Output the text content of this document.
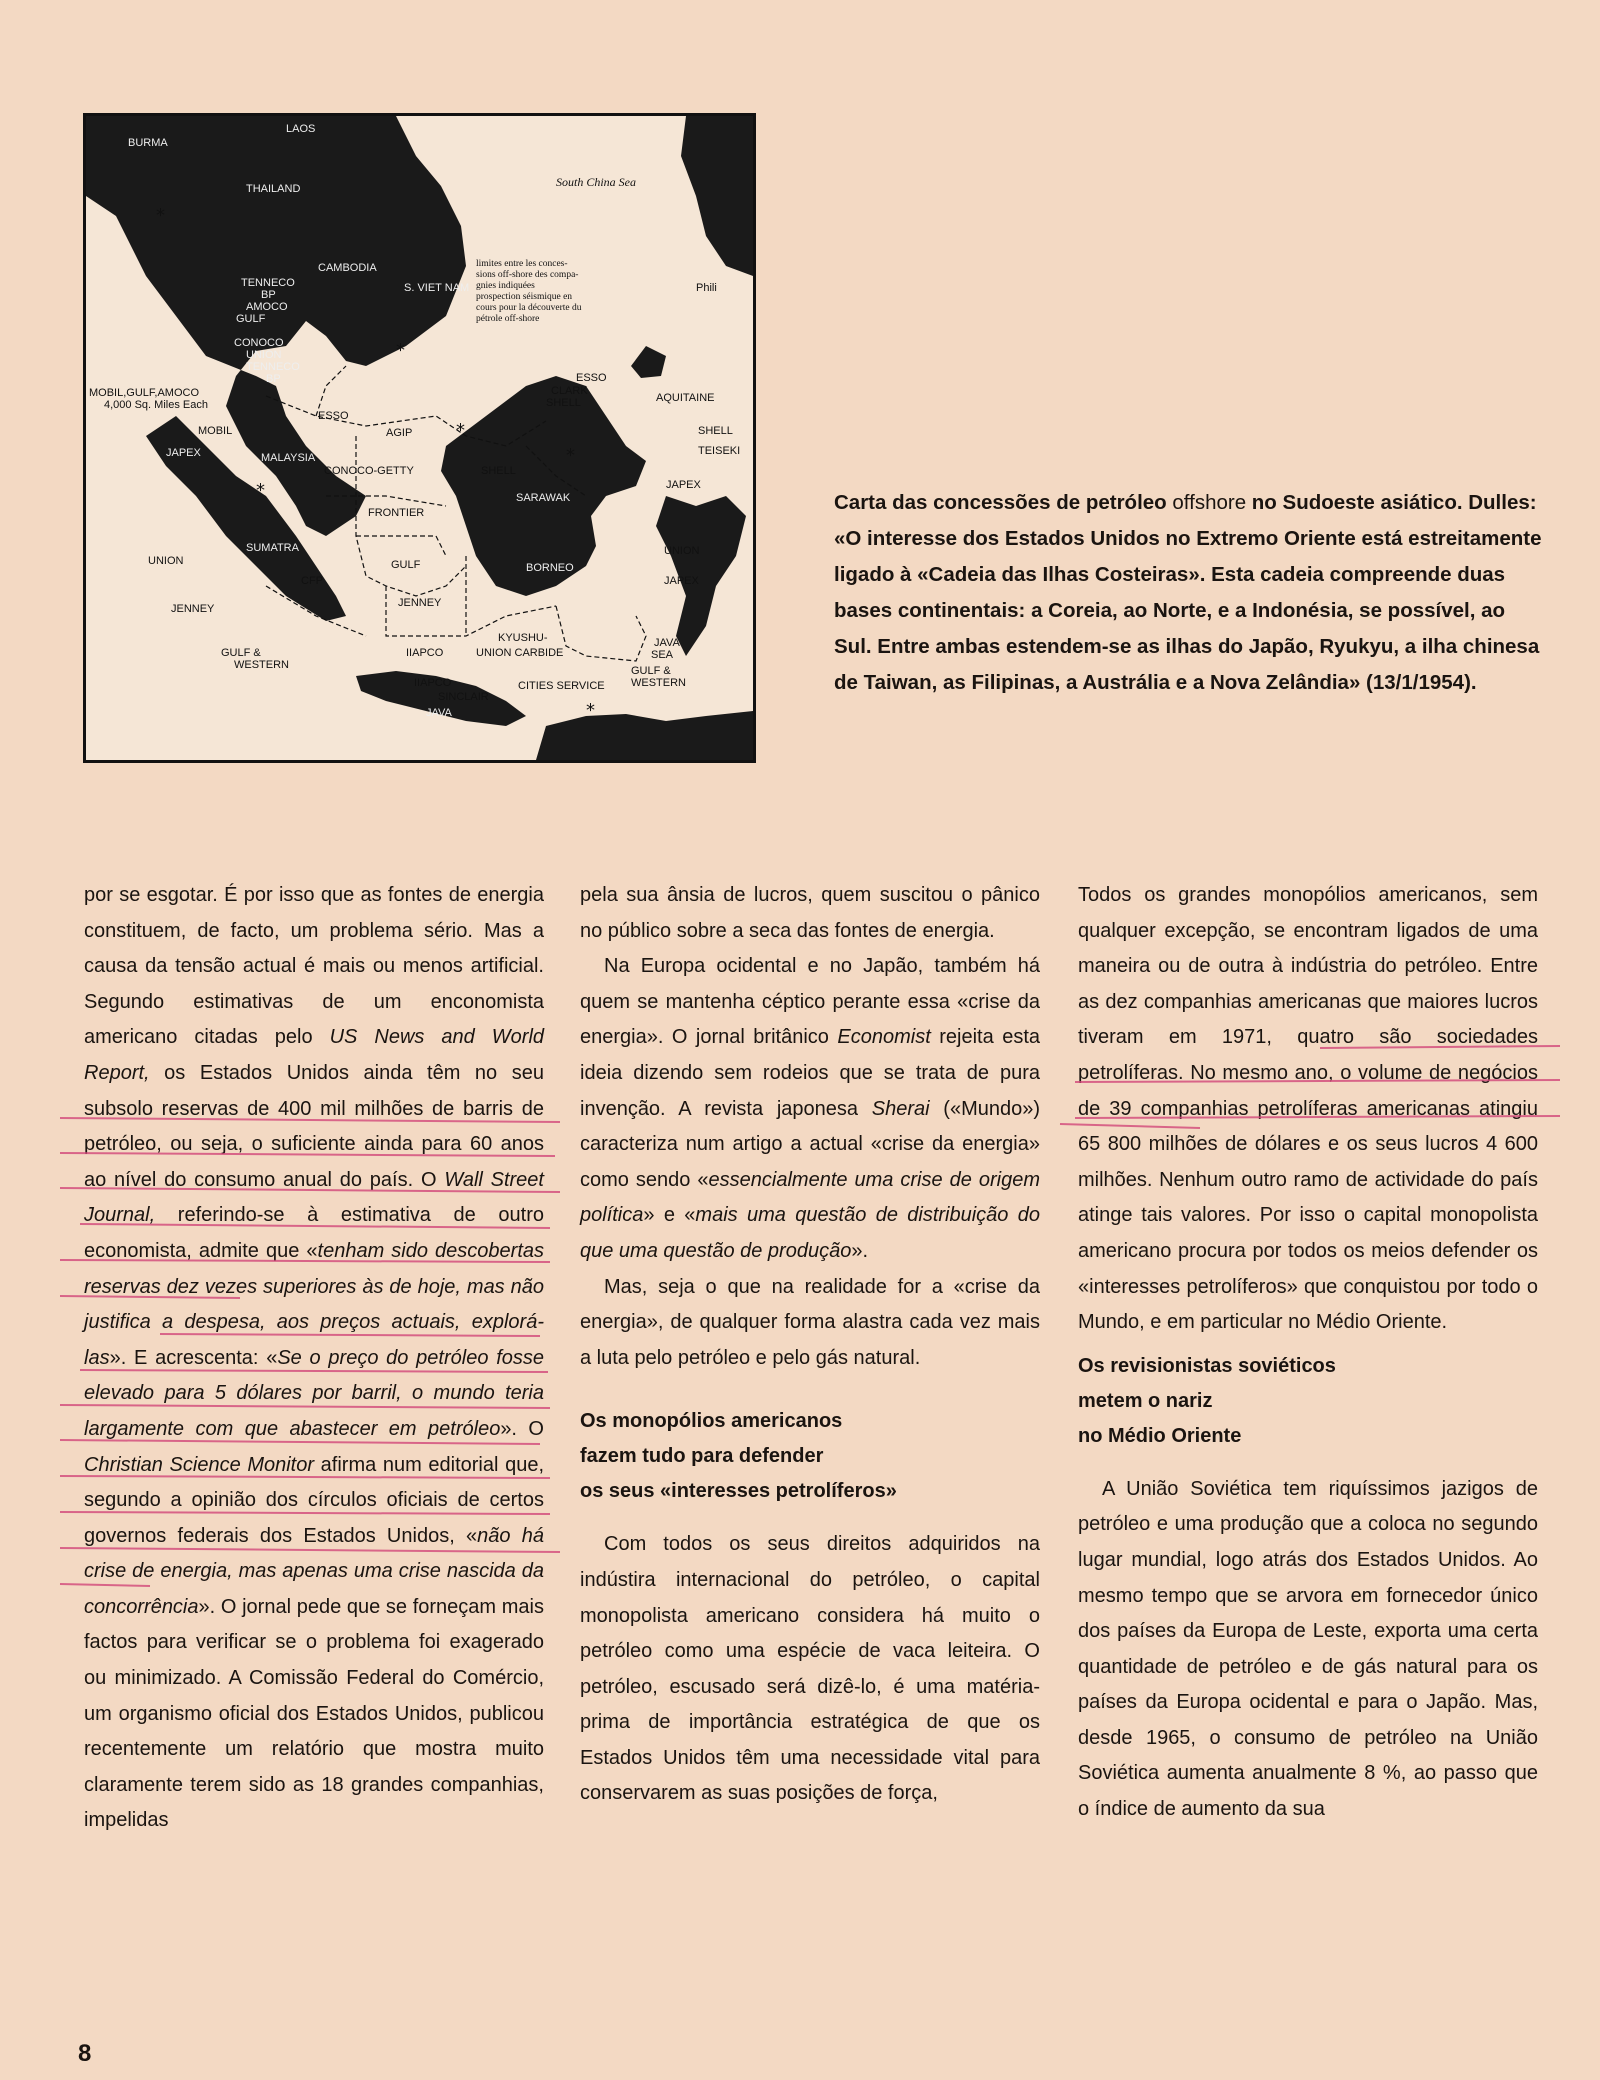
BURMA
LAOS
THAILAND
CAMBODIA
S. VIET NAM
South China Sea
Phili
limites entre les conces-
sions off-shore des compa-
gnies indiquées
prospection séismique en
cours pour la découverte du
pétrole off-shore
TENNECO
BP
AMOCO
GULF
CONOCO
UNION
TENNECO
BP
MOBIL,GULF,AMOCO
4,000 Sq. Miles Each
MOBIL
JAPEX
ESSO
AGIP
MALAYSIA
CONOCO-GETTY	SHELL
ESSO
CLARK
SHELL	AQUITAINE
SHELL
TEISEKI
FRONTIER
SARAWAK
JAPEX
UNION
SUMATRA
CFP
GULF	BORNEO
JAPEX
UNION
JENNEY	JENNEY
KYUSHU-
UNION CARBIDE
IIAPCO
GULF &
WESTERN
JAVA
SEA
GULF &
WESTERN
IIAPCO
SINCLAIR
CITIES SERVICE
JAVA
*
*
*
*
*
*
Carta das concessões de petróleo offshore no Sudoeste asiático. Dulles: «O interesse dos Estados Unidos no Extremo Oriente está estreitamente ligado à «Cadeia das Ilhas Costeiras». Esta cadeia compreende duas bases continentais: a Coreia, ao Norte, e a Indonésia, se possível, ao Sul. Entre ambas estendem-se as ilhas do Japão, Ryukyu, a ilha chinesa de Taiwan, as Filipinas, a Austrália e a Nova Zelândia» (13/1/1954).

por se esgotar. É por isso que as fontes de energia constituem, de facto, um problema sério. Mas a causa da tensão actual é mais ou menos artificial. Segundo estimativas de um enconomista americano citadas pelo US News and World Report, os Estados Unidos ainda têm no seu subsolo reservas de 400 mil milhões de barris de petróleo, ou seja, o suficiente ainda para 60 anos ao nível do consumo anual do país. O Wall Street Journal, referindo-se à estimativa de outro economista, admite que «tenham sido descobertas reservas dez vezes superiores às de hoje, mas não justifica a despesa, aos preços actuais, explorá-las». E acrescenta: «Se o preço do petróleo fosse elevado para 5 dólares por barril, o mundo teria largamente com que abastecer em petróleo». O Christian Science Monitor afirma num editorial que, segundo a opinião dos círculos oficiais de certos governos federais dos Estados Unidos, «não há crise de energia, mas apenas uma crise nascida da concorrência». O jornal pede que se forneçam mais factos para verificar se o problema foi exagerado ou minimizado. A Comissão Federal do Comércio, um organismo oficial dos Estados Unidos, publicou recentemente um relatório que mostra muito claramente terem sido as 18 grandes companhias, impelidas

pela sua ânsia de lucros, quem suscitou o pânico no público sobre a seca das fontes de energia.

Na Europa ocidental e no Japão, também há quem se mantenha céptico perante essa «crise da energia». O jornal britânico Economist rejeita esta ideia dizendo sem rodeios que se trata de pura invenção. A revista japonesa Sherai («Mundo») caracteriza num artigo a actual «crise da energia» como sendo «essencialmente uma crise de origem política» e «mais uma questão de distribuição do que uma questão de produção».

Mas, seja o que na realidade for a «crise da energia», de qualquer forma alastra cada vez mais a luta pelo petróleo e pelo gás natural.

Os monopólios americanos
fazem tudo para defender
os seus «interesses petrolíferos»

Com todos os seus direitos adquiridos na indústira internacional do petróleo, o capital monopolista americano considera há muito o petróleo como uma espécie de vaca leiteira. O petróleo, escusado será dizê-lo, é uma matéria-prima de importância estratégica de que os Estados Unidos têm uma necessidade vital para conservarem as suas posições de força,

Todos os grandes monopólios americanos, sem qualquer excepção, se encontram ligados de uma maneira ou de outra à indústria do petróleo. Entre as dez companhias americanas que maiores lucros tiveram em 1971, quatro são sociedades petrolíferas. No mesmo ano, o volume de negócios de 39 companhias petrolíferas americanas atingiu 65 800 milhões de dólares e os seus lucros 4 600 milhões. Nenhum outro ramo de actividade do país atinge tais valores. Por isso o capital monopolista americano procura por todos os meios defender os «interesses petrolíferos» que conquistou por todo o Mundo, e em particular no Médio Oriente.

Os revisionistas soviéticos
metem o nariz
no Médio Oriente

A União Soviética tem riquíssimos jazigos de petróleo e uma produção que a coloca no segundo lugar mundial, logo atrás dos Estados Unidos. Ao mesmo tempo que se arvora em fornecedor único dos países da Europa de Leste, exporta uma certa quantidade de petróleo e de gás natural para os países da Europa ocidental e para o Japão. Mas, desde 1965, o consumo de petróleo na União Soviética aumenta anualmente 8 %, ao passo que o índice de aumento da sua

8
